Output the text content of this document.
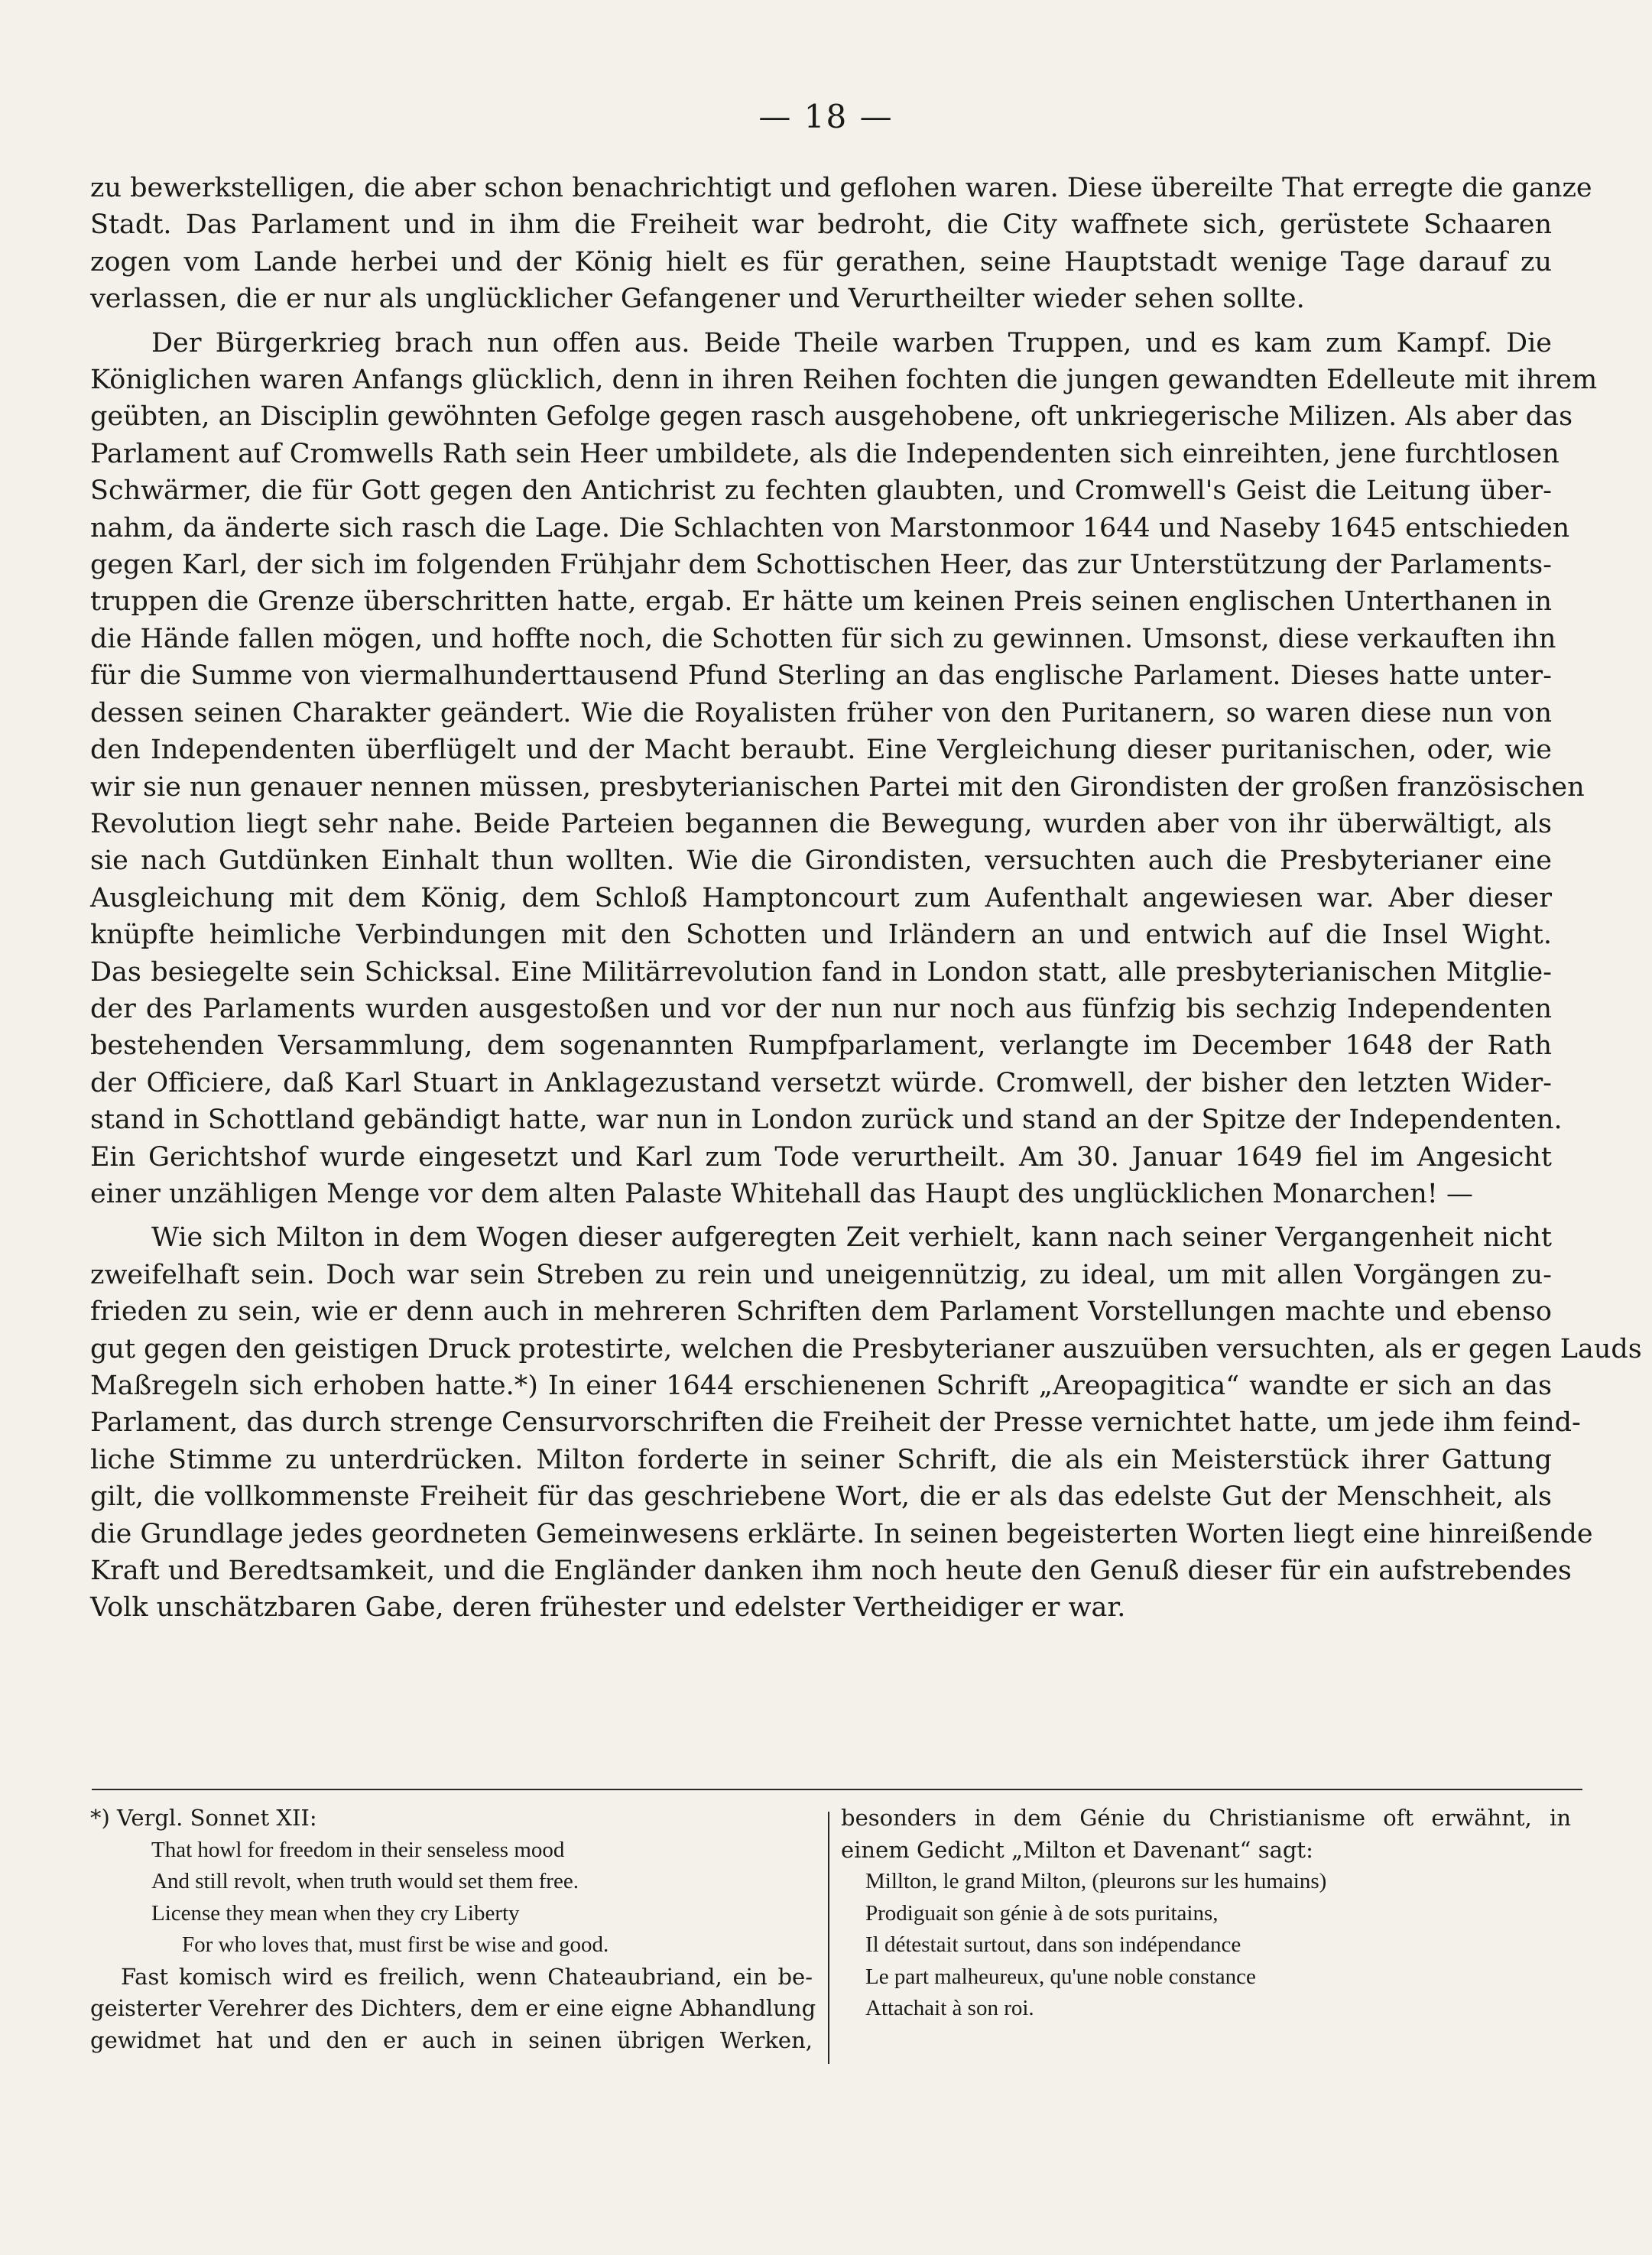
— 18 —

zu bewerkstelligen, die aber schon benachrichtigt und geflohen waren. Diese übereilte That erregte die ganze

Stadt. Das Parlament und in ihm die Freiheit war bedroht, die City waffnete sich, gerüstete Schaaren

zogen vom Lande herbei und der König hielt es für gerathen, seine Hauptstadt wenige Tage darauf zu

verlassen, die er nur als unglücklicher Gefangener und Verurtheilter wieder sehen sollte.

Der Bürgerkrieg brach nun offen aus. Beide Theile warben Truppen, und es kam zum Kampf. Die

Königlichen waren Anfangs glücklich, denn in ihren Reihen fochten die jungen gewandten Edelleute mit ihrem

geübten, an Disciplin gewöhnten Gefolge gegen rasch ausgehobene, oft unkriegerische Milizen. Als aber das

Parlament auf Cromwells Rath sein Heer umbildete, als die Independenten sich einreihten, jene furchtlosen

Schwärmer, die für Gott gegen den Antichrist zu fechten glaubten, und Cromwell's Geist die Leitung über-

nahm, da änderte sich rasch die Lage. Die Schlachten von Marstonmoor 1644 und Naseby 1645 entschieden

gegen Karl, der sich im folgenden Frühjahr dem Schottischen Heer, das zur Unterstützung der Parlaments-

truppen die Grenze überschritten hatte, ergab. Er hätte um keinen Preis seinen englischen Unterthanen in

die Hände fallen mögen, und hoffte noch, die Schotten für sich zu gewinnen. Umsonst, diese verkauften ihn

für die Summe von viermalhunderttausend Pfund Sterling an das englische Parlament. Dieses hatte unter-

dessen seinen Charakter geändert. Wie die Royalisten früher von den Puritanern, so waren diese nun von

den Independenten überflügelt und der Macht beraubt. Eine Vergleichung dieser puritanischen, oder, wie

wir sie nun genauer nennen müssen, presbyterianischen Partei mit den Girondisten der großen französischen

Revolution liegt sehr nahe. Beide Parteien begannen die Bewegung, wurden aber von ihr überwältigt, als

sie nach Gutdünken Einhalt thun wollten. Wie die Girondisten, versuchten auch die Presbyterianer eine

Ausgleichung mit dem König, dem Schloß Hamptoncourt zum Aufenthalt angewiesen war. Aber dieser

knüpfte heimliche Verbindungen mit den Schotten und Irländern an und entwich auf die Insel Wight.

Das besiegelte sein Schicksal. Eine Militärrevolution fand in London statt, alle presbyterianischen Mitglie-

der des Parlaments wurden ausgestoßen und vor der nun nur noch aus fünfzig bis sechzig Independenten

bestehenden Versammlung, dem sogenannten Rumpfparlament, verlangte im December 1648 der Rath

der Officiere, daß Karl Stuart in Anklagezustand versetzt würde. Cromwell, der bisher den letzten Wider-

stand in Schottland gebändigt hatte, war nun in London zurück und stand an der Spitze der Independenten.

Ein Gerichtshof wurde eingesetzt und Karl zum Tode verurtheilt. Am 30. Januar 1649 fiel im Angesicht

einer unzähligen Menge vor dem alten Palaste Whitehall das Haupt des unglücklichen Monarchen! —

Wie sich Milton in dem Wogen dieser aufgeregten Zeit verhielt, kann nach seiner Vergangenheit nicht

zweifelhaft sein. Doch war sein Streben zu rein und uneigennützig, zu ideal, um mit allen Vorgängen zu-

frieden zu sein, wie er denn auch in mehreren Schriften dem Parlament Vorstellungen machte und ebenso

gut gegen den geistigen Druck protestirte, welchen die Presbyterianer auszuüben versuchten, als er gegen Lauds

Maßregeln sich erhoben hatte.*) In einer 1644 erschienenen Schrift „Areopagitica“ wandte er sich an das

Parlament, das durch strenge Censurvorschriften die Freiheit der Presse vernichtet hatte, um jede ihm feind-

liche Stimme zu unterdrücken. Milton forderte in seiner Schrift, die als ein Meisterstück ihrer Gattung

gilt, die vollkommenste Freiheit für das geschriebene Wort, die er als das edelste Gut der Menschheit, als

die Grundlage jedes geordneten Gemeinwesens erklärte. In seinen begeisterten Worten liegt eine hinreißende

Kraft und Beredtsamkeit, und die Engländer danken ihm noch heute den Genuß dieser für ein aufstrebendes

Volk unschätzbaren Gabe, deren frühester und edelster Vertheidiger er war.

*) Vergl. Sonnet XII:

That howl for freedom in their senseless mood

And still revolt, when truth would set them free.

License they mean when they cry Liberty

For who loves that, must first be wise and good.

Fast komisch wird es freilich, wenn Chateaubriand, ein be-

geisterter Verehrer des Dichters, dem er eine eigne Abhandlung

gewidmet hat und den er auch in seinen übrigen Werken,

besonders in dem Génie du Christianisme oft erwähnt, in

einem Gedicht „Milton et Davenant“ sagt:

Millton, le grand Milton, (pleurons sur les humains)

Prodiguait son génie à de sots puritains,

Il détestait surtout, dans son indépendance

Le part malheureux, qu'une noble constance

Attachait à son roi.
